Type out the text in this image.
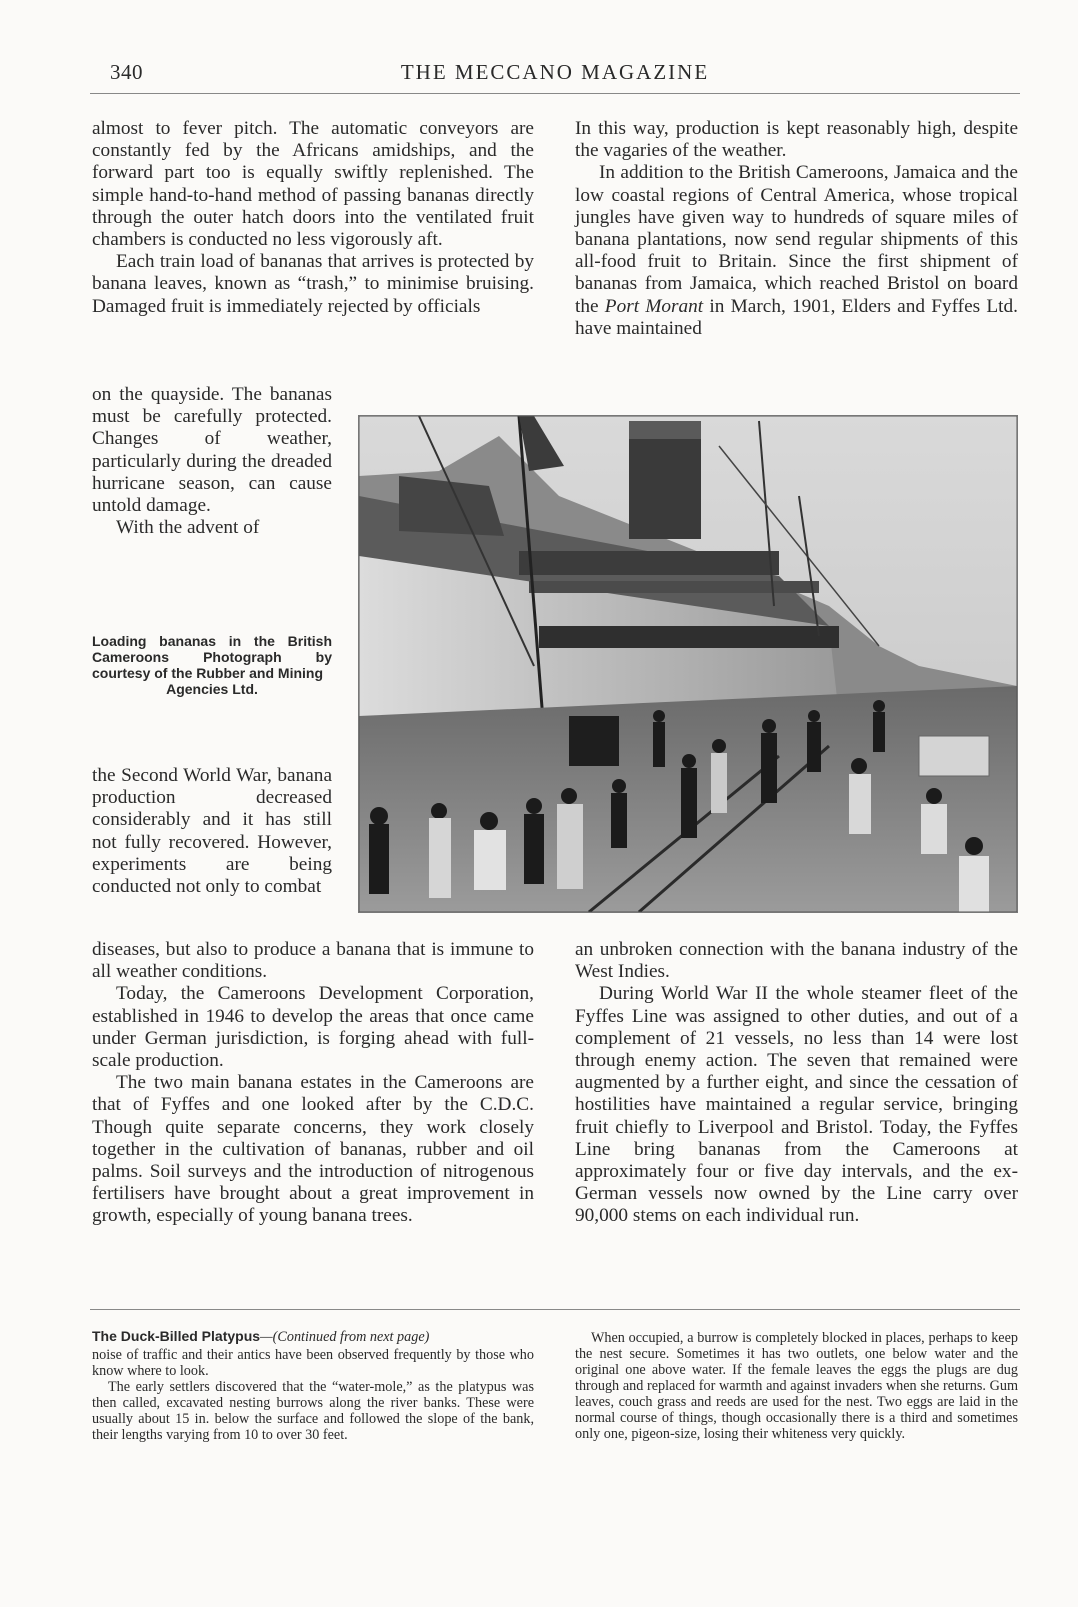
340	THE MECCANO MAGAZINE

almost to fever pitch. The automatic conveyors are constantly fed by the Africans amidships, and the forward part too is equally swiftly replenished. The simple hand-to-hand method of passing bananas directly through the outer hatch doors into the ventilated fruit chambers is conducted no less vigorously aft.

Each train load of bananas that arrives is protected by banana leaves, known as “trash,” to minimise bruising. Damaged fruit is immediately rejected by officials

In this way, production is kept reasonably high, despite the vagaries of the weather.

In addition to the British Cameroons, Jamaica and the low coastal regions of Central America, whose tropical jungles have given way to hundreds of square miles of banana plantations, now send regular shipments of this all-food fruit to Britain. Since the first shipment of bananas from Jamaica, which reached Bristol on board the Port Morant in March, 1901, Elders and Fyffes Ltd. have maintained

on the quayside. The bananas must be carefully protected. Changes of weather, particularly during the dreaded hurricane season, can cause untold damage.

With the advent of

Loading bananas in the British Cameroons Photograph by courtesy of the Rubber and Mining
Agencies Ltd.

the Second World War, banana production decreased considerably and it has still not fully recovered. However, experiments are being conducted not only to combat

diseases, but also to produce a banana that is immune to all weather conditions.

Today, the Cameroons Development Corporation, established in 1946 to develop the areas that once came under German jurisdiction, is forging ahead with full-scale production.

The two main banana estates in the Cameroons are that of Fyffes and one looked after by the C.D.C. Though quite separate concerns, they work closely together in the cultivation of bananas, rubber and oil palms. Soil surveys and the introduction of nitrogenous fertilisers have brought about a great improvement in growth, especially of young banana trees.

an unbroken connection with the banana industry of the West Indies.

During World War II the whole steamer fleet of the Fyffes Line was assigned to other duties, and out of a complement of 21 vessels, no less than 14 were lost through enemy action. The seven that remained were augmented by a further eight, and since the cessation of hostilities have maintained a regular service, bringing fruit chiefly to Liverpool and Bristol. Today, the Fyffes Line bring bananas from the Cameroons at approximately four or five day intervals, and the ex-German vessels now owned by the Line carry over 90,000 stems on each individual run.

The Duck-Billed Platypus—(Continued from next page)

noise of traffic and their antics have been observed frequently by those who know where to look.

The early settlers discovered that the “water-mole,” as the platypus was then called, excavated nesting burrows along the river banks. These were usually about 15 in. below the surface and followed the slope of the bank, their lengths varying from 10 to over 30 feet.

When occupied, a burrow is completely blocked in places, perhaps to keep the nest secure. Sometimes it has two outlets, one below water and the original one above water. If the female leaves the eggs the plugs are dug through and replaced for warmth and against invaders when she returns. Gum leaves, couch grass and reeds are used for the nest. Two eggs are laid in the normal course of things, though occasionally there is a third and sometimes only one, pigeon-size, losing their whiteness very quickly.
